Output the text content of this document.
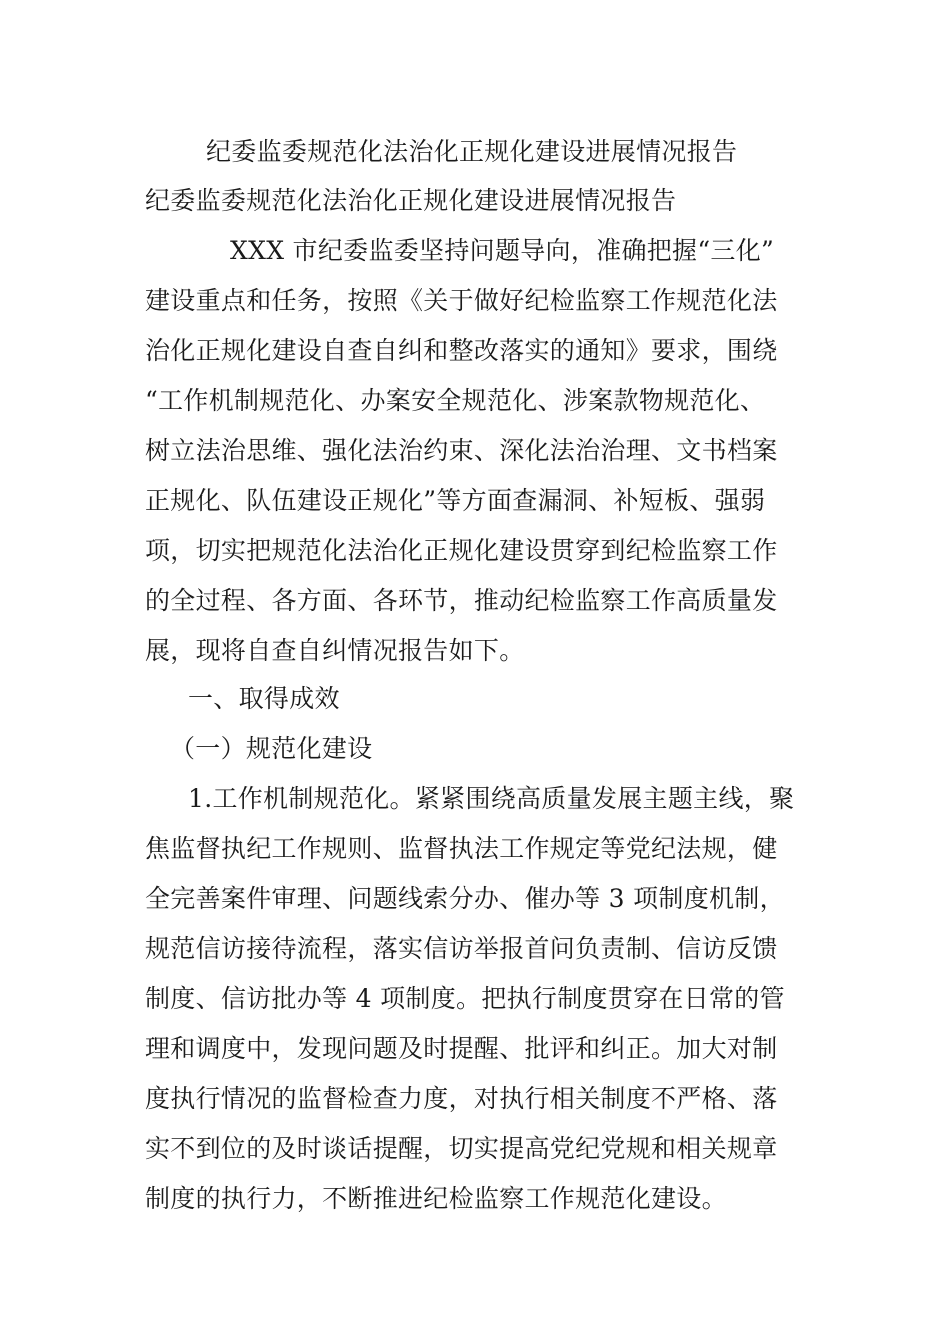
纪委监委规范化法治化正规化建设进展情况报告
纪委监委规范化法治化正规化建设进展情况报告
XXX 市纪委监委坚持问题导向，准确把握“三化”
建设重点和任务，按照《关于做好纪检监察工作规范化法
治化正规化建设自查自纠和整改落实的通知》要求，围绕
“工作机制规范化、办案安全规范化、涉案款物规范化、
树立法治思维、强化法治约束、深化法治治理、文书档案
正规化、队伍建设正规化”等方面查漏洞、补短板、强弱
项，切实把规范化法治化正规化建设贯穿到纪检监察工作
的全过程、各方面、各环节，推动纪检监察工作高质量发
展，现将自查自纠情况报告如下。
一、取得成效
（一）规范化建设
1.工作机制规范化。紧紧围绕高质量发展主题主线，聚
焦监督执纪工作规则、监督执法工作规定等党纪法规，健
全完善案件审理、问题线索分办、催办等 3 项制度机制，
规范信访接待流程，落实信访举报首问负责制、信访反馈
制度、信访批办等 4 项制度。把执行制度贯穿在日常的管
理和调度中，发现问题及时提醒、批评和纠正。加大对制
度执行情况的监督检查力度，对执行相关制度不严格、落
实不到位的及时谈话提醒，切实提高党纪党规和相关规章
制度的执行力，不断推进纪检监察工作规范化建设。
